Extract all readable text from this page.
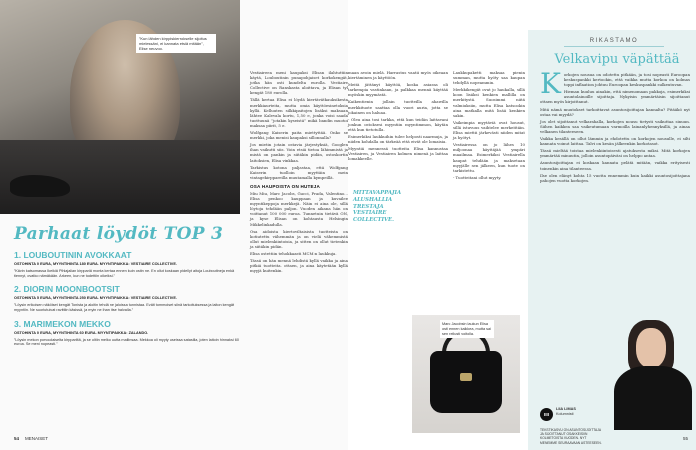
”Kun lähden kirppiskierrokselle sijoitus mielessäni, ei kannata etsiä mitään”, Elise neuvoo.
Parhaat löydöt TOP 3
1. LOUBOUTININ AVOKKAAT
OSTOHINTA 0 EURA, MYYNTIHINTA 180 EURA. MYYNTIPAIKKA: VESTIAIRE COLLECTIVE.
”Kävin katsomassa Ikeikiä Pihlajalian kirppariä monta kertaa ennen kuin ostin ne. En ollut koskaan pidellyt aitoja Louboutineja enkä tiennyt, ovatko nämäkään. Arkeen, kun ne todettiin oikeiksi.”
2. DIORIN MOONBOOTSIT
OSTOHINTA 5 EURA, MYYNTIHINTA 250 EURA. MYYNTIPAIKKA: VESTIAIRE COLLECTIVE.
”Löysin erikoisen näköiset kengät Tonista ja aloitin tehdä ne jaloissa tunnistaa. Eväit tommoiset siinä tarkoituksessa ja laiton kengät myyntiin. Ne suoriutuivat ravittiin käsissä, ja myin ne ihan itse halvalla.”
3. MARIMEKON MEKKO
OSTOHINTA 0 EURA, MYYNTIHINTA 60 EURA. MYYNTIPAIKKA: ZALANDO.
”Löysin mekon porvoolaiselta kirppariltä, ja se oltiin melko uutta mallinsaa. Mekkoa oli myyty useissa satasilla, joten laitoin hinnaksi 60 euroa. Se meni nopeasti.”

Vestiaireea meni kaupaksi Elisan ilahtuttiin käytä, Louboutinin punapohjaiset korkokengät, jotka hän osti kundelta eurolla. Vestiaire Collective on Ranskasta aloittava, ja Elisan tyl kengät 180 eurolla.

Tällä kertaa Elisa ei löydä kiertävätkauksikesta merkkiaurteita, mutta omia käyttöesinetoksia kyllä. Kelluuten silkkipaitojen lisäksi maksaan lähtee Kalevala kortu, 1,50 e, jonka voisi saada tuottuunä ”jotakin kyseistä” mikä bandin muotoi maksaa piirit, 5 e.

Wolfgang Kaiserin paita miettyttää. Onko se merkki, joka menisi kaupaksi sillonnalla?

Jos mietin jotain ostavia järjestyksiä, Googlen ihan vaikutti siis. Voin etsiä tietoa lähimmistä ja mistä on pankin ja siitäkin pidän, ostoskortin laitoksien, Elisa vinkkaa.

Tarkistus kotona paljastaa, että Wolfgang Kaiserin tuolloin myyttäin mein vintagekirppareilla muutamalla kympeillä.

OSA HAUPOISTA ON HUTEJA

Miu Miu, Marc Jacobs, Gucci, Prada, Valentino... Elisa penkoo kauppaan ja kuvailee myyntikeppoja merkkejä. Näin ei aina ole, sillä löytoja tehdään paljon. Vuoden aikana hän on voittanut 100 000 euroa. Tunnetuin tietävä ON, ja kyse Elisan on kohtausta Helsingin Mikkelinkadulla.

Osa aidoista kiertoviltaisista tuotteista on kotiutettu vähemmän ja on vielä vähemmistä ollut mielenkiintoisia, ja sitten on ollut tietenkin ja siitäkin pidän.

Elisa ostettiin tehokkaasti MCM:n laukkuja.

Tässä on hän mennä lehdistä kyllä vaikka ja aina pitkiä tuotteita. ottaen, ja aina käytetään kyllä myyjä kuitenkin.

54 MENAISET

maan avoin mielä. Harrastus vaatii myös oikeaan kiertäminen ja käyttöön.

Meitä jättänyt käyttöä, koska asiassa oli tarkempia vastinkaan, ja palkkaa mennä käyttää myöskin myymästä.

Kaikentienin jollain tuotteilla ahawilla merkkituote saattaa olla vuori auria, jotta se jokainen on haluaa.

- Oleu aina tosi tarkka, että kun teidän laittavani jonkun ostoksesi myyntiin myyntimmon, käytän että kun tietotulla.

Esimerkiksi laukkuihin tulee helposti naarmuja, ja niiden kohdalla on tärkeää että eivät ole lomaisia.

Myyntiä mennessä tuotteita Elisa kannustaa Vestiairen, ja Vestiairen kolmen nimenä ja laittaa lomakkeelle.

MITTAVAPPAJIA ALUSHALLIA TRESTAJA VESTIAIRE COLLECTIVE.

Laukkupaketti maksaa pienin summan, mutta hyöty saa kaupan tehdyllä nopeammin.

Merkkikengät ovat jo haukalla, sillä koon lisäksi kenkien mallilla on merkitystä. Suosimmi niitä valmiuksiin, mutta Elisa katsookin aina matkalla mitä lisää kenkien sakin.

Vaikeimpia myytäviä ovat housut, sillä istuvuus vaihtelee merkeittäin. Elisa miettii järkevästi niiden mitat ja hyötyt.

Vestiairessa on jo lähes 10 miljoonaa käyttäjää ympäri maailmaa. Esimerkiksi Vestiairella kaupat tehdään ja maksetaan myyjälle sen jälkeen, kun tuote on tarkistettu.

- Tuotteitani ollut myyty.

Marc Jacobsin laukun Elisa osti ennen kaikkea, mutta sai sen reilusti voitolla.
RIKASTAMO
Velkavipu väpättää
K orkojen nousua on odotettu pitkään, ja tosi nopeasti Euroopan keskuspankki kertookin, että vaikka mutta korkoa on kolmas toppi inflaation johtuu Euroopan keskuspankki sulkeutuvan.

Hieman kuuluu ainakin, että nimenomaan pakkoja, esimerkiksi asuntolainoille sijoittaja. Nykyisin ymmärtäisin sijoittanut ottaen myös kirjoittanut.

Mitä nämä muutokset tarkoittavat asuntosijoittajan kannalta? Pitääkö nyt ostaa vai myydä?

Jos olet sijoittanut velkarahalla, korkojen nousu tietysti vaikuttaa sinuun. Siihen kaikkea saa vaikeutumaan varmoilla lainanlyhennyksillä, ja ainaa velkanen tilanteeseen.

Vaikka kesällä on ollut lämmin ja ehdotettu on korkojen nousulle, ei silti kannata voinut laittaa. Talvi on kesän jälkeenkin korkotasot.

Tässä mieltää toistaa mielenkiintoisesti ajatuksesta miksi. Mitä korkojen ymmärtää minuutin, jolloin asuntopäiväsi on helppo antaa.

Asuntosijoittajan ei koskaan kannata pelätä mitään, vaikka erityisesti toinenkin aina tilanteessa.

Ilse olen elänyt kohta 15 vuotta ennemmin kuin kaikki asuntosijoittajana pahojen vuotta korkojen.

IIII
LIIA LIMAS
Kolumnisti
TEKSTIKASVU ON ASUNTOSIJOITTAJA JA SIJOITTANUT OSAKKEISIIN KOLMETOISTA VUODEN. NYT MENEMME SEURAAVAAN ASTEESEEN.
55
